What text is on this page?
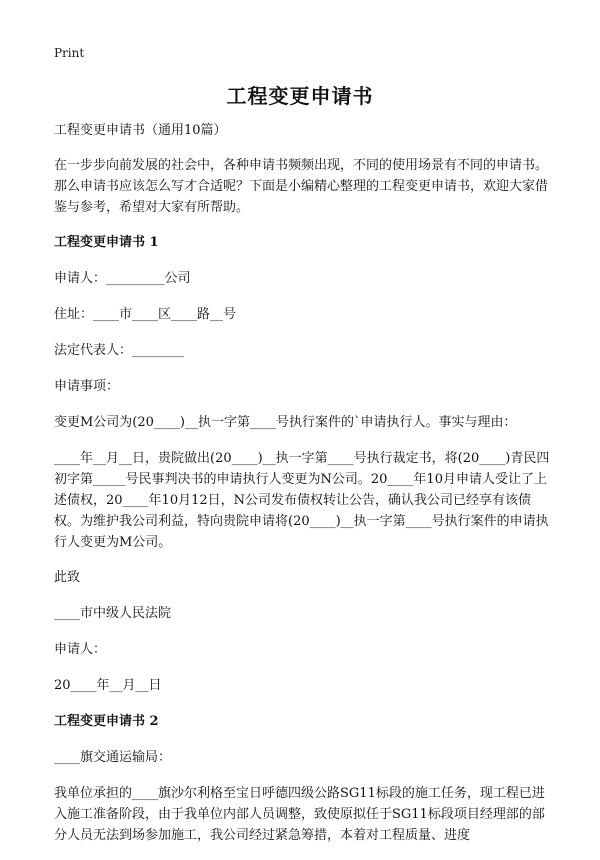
Print
工程变更申请书

工程变更申请书（通用10篇）

在一步步向前发展的社会中，各种申请书频频出现，不同的使用场景有不同的申请书。那么申请书应该怎么写才合适呢？下面是小编精心整理的工程变更申请书，欢迎大家借鉴与参考，希望对大家有所帮助。

工程变更申请书 1

申请人：_________公司

住址：____市____区____路__号

法定代表人：________

申请事项：

变更M公司为(20____)__执一字第____号执行案件的`申请执行人。事实与理由：

____年__月__日，贵院做出(20____)__执一字第____号执行裁定书，将(20____)青民四初字第_____号民事判决书的申请执行人变更为N公司。20____年10月申请人受让了上述债权，20____年10月12日，N公司发布债权转让公告，确认我公司已经享有该债权。为维护我公司利益，特向贵院申请将(20____)__执一字第____号执行案件的申请执行人变更为M公司。

此致

____市中级人民法院

申请人：

20____年__月__日

工程变更申请书 2

____旗交通运输局：

我单位承担的____旗沙尔利格至宝日呼德四级公路SG11标段的施工任务，现工程已进入施工准备阶段，由于我单位内部人员调整，致使原拟任于SG11标段项目经理部的部分人员无法到场参加施工，我公司经过紧急筹措，本着对工程质量、进度
